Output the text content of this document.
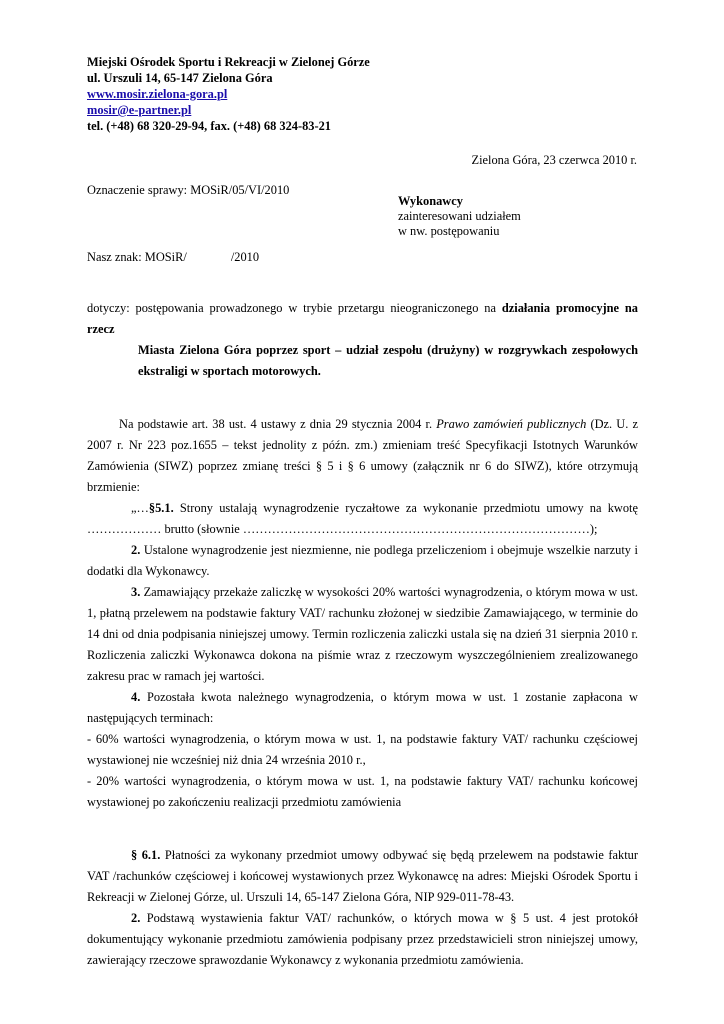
Miejski Ośrodek Sportu i Rekreacji w Zielonej Górze
ul. Urszuli 14, 65-147 Zielona Góra
www.mosir.zielona-gora.pl
mosir@e-partner.pl
tel. (+48) 68 320-29-94, fax. (+48) 68 324-83-21
Zielona Góra, 23 czerwca 2010 r.
Oznaczenie sprawy: MOSiR/05/VI/2010
Wykonawcy
zainteresowani udziałem
w nw. postępowaniu
Nasz znak: MOSiR/	/2010

dotyczy: postępowania prowadzonego w trybie przetargu nieograniczonego na działania promocyjne na rzecz

Miasta Zielona Góra poprzez sport – udział zespołu (drużyny) w rozgrywkach zespołowych ekstraligi w sportach motorowych.

Na podstawie art. 38 ust. 4 ustawy z dnia 29 stycznia 2004 r. Prawo zamówień publicznych (Dz. U. z 2007 r. Nr 223 poz.1655 – tekst jednolity z późn. zm.) zmieniam treść Specyfikacji Istotnych Warunków Zamówienia (SIWZ) poprzez zmianę treści § 5 i § 6 umowy (załącznik nr 6 do SIWZ), które otrzymują brzmienie:

„…§5.1. Strony ustalają wynagrodzenie ryczałtowe za wykonanie przedmiotu umowy na kwotę ……………… brutto (słownie …………………………………………………………………………);

2. Ustalone wynagrodzenie jest niezmienne, nie podlega przeliczeniom i obejmuje wszelkie narzuty i dodatki dla Wykonawcy.

3. Zamawiający przekaże zaliczkę w wysokości 20% wartości wynagrodzenia, o którym mowa w ust. 1, płatną przelewem na podstawie faktury VAT/ rachunku złożonej w siedzibie Zamawiającego, w terminie do 14 dni od dnia podpisania niniejszej umowy. Termin rozliczenia zaliczki ustala się na dzień 31 sierpnia 2010 r. Rozliczenia zaliczki Wykonawca dokona na piśmie wraz z rzeczowym wyszczególnieniem zrealizowanego zakresu prac w ramach jej wartości.

4. Pozostała kwota należnego wynagrodzenia, o którym mowa w ust. 1 zostanie zapłacona w następujących terminach:

- 60% wartości wynagrodzenia, o którym mowa w ust. 1, na podstawie faktury VAT/ rachunku częściowej wystawionej nie wcześniej niż dnia 24 września 2010 r.,

- 20% wartości wynagrodzenia, o którym mowa w ust. 1, na podstawie faktury VAT/ rachunku końcowej wystawionej po zakończeniu realizacji przedmiotu zamówienia

§ 6.1. Płatności za wykonany przedmiot umowy odbywać się będą przelewem na podstawie faktur VAT /rachunków częściowej i końcowej wystawionych przez Wykonawcę na adres: Miejski Ośrodek Sportu i Rekreacji w Zielonej Górze, ul. Urszuli 14, 65-147 Zielona Góra, NIP 929-011-78-43.

2. Podstawą wystawienia faktur VAT/ rachunków, o których mowa w § 5 ust. 4 jest protokół dokumentujący wykonanie przedmiotu zamówienia podpisany przez przedstawicieli stron niniejszej umowy, zawierający rzeczowe sprawozdanie Wykonawcy z wykonania przedmiotu zamówienia.
